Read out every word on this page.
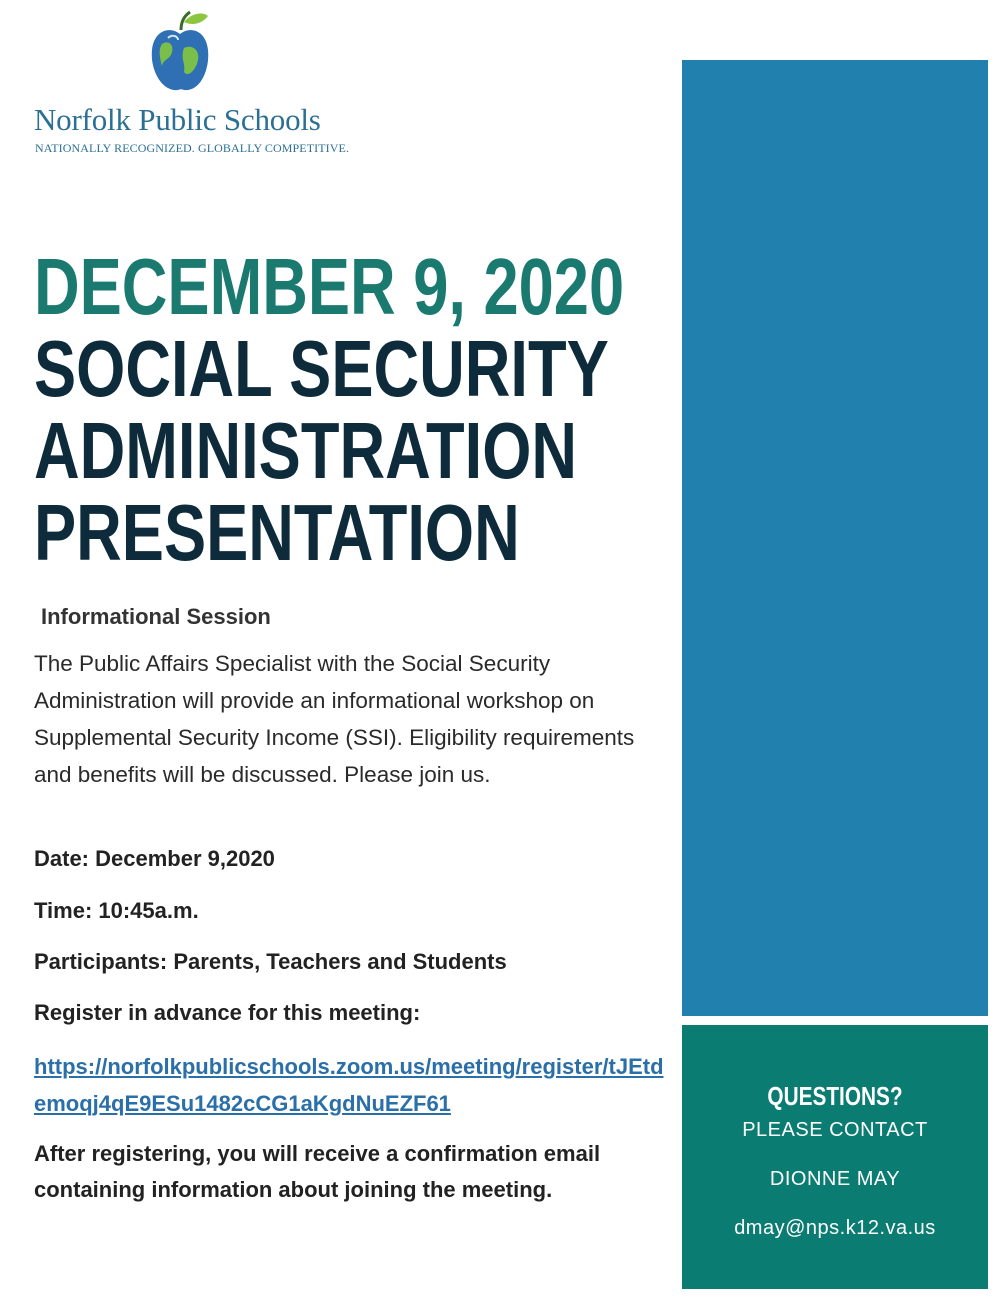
Norfolk Public Schools
NATIONALLY RECOGNIZED. GLOBALLY COMPETITIVE.
DECEMBER 9, 2020
SOCIAL SECURITY
ADMINISTRATION
PRESENTATION
Informational Session
The Public Affairs Specialist with the Social Security Administration will provide an informational workshop on Supplemental Security Income (SSI). Eligibility requirements and benefits will be discussed. Please join us.
Date: December 9,2020
Time: 10:45a.m.
Participants: Parents, Teachers and Students
Register in advance for this meeting:
https://norfolkpublicschools.zoom.us/meeting/register/tJEtdemoqj4qE9ESu1482cCG1aKgdNuEZF61
After registering, you will receive a confirmation email containing information about joining the meeting.
QUESTIONS?
PLEASE CONTACT
DIONNE MAY
dmay@nps.k12.va.us
